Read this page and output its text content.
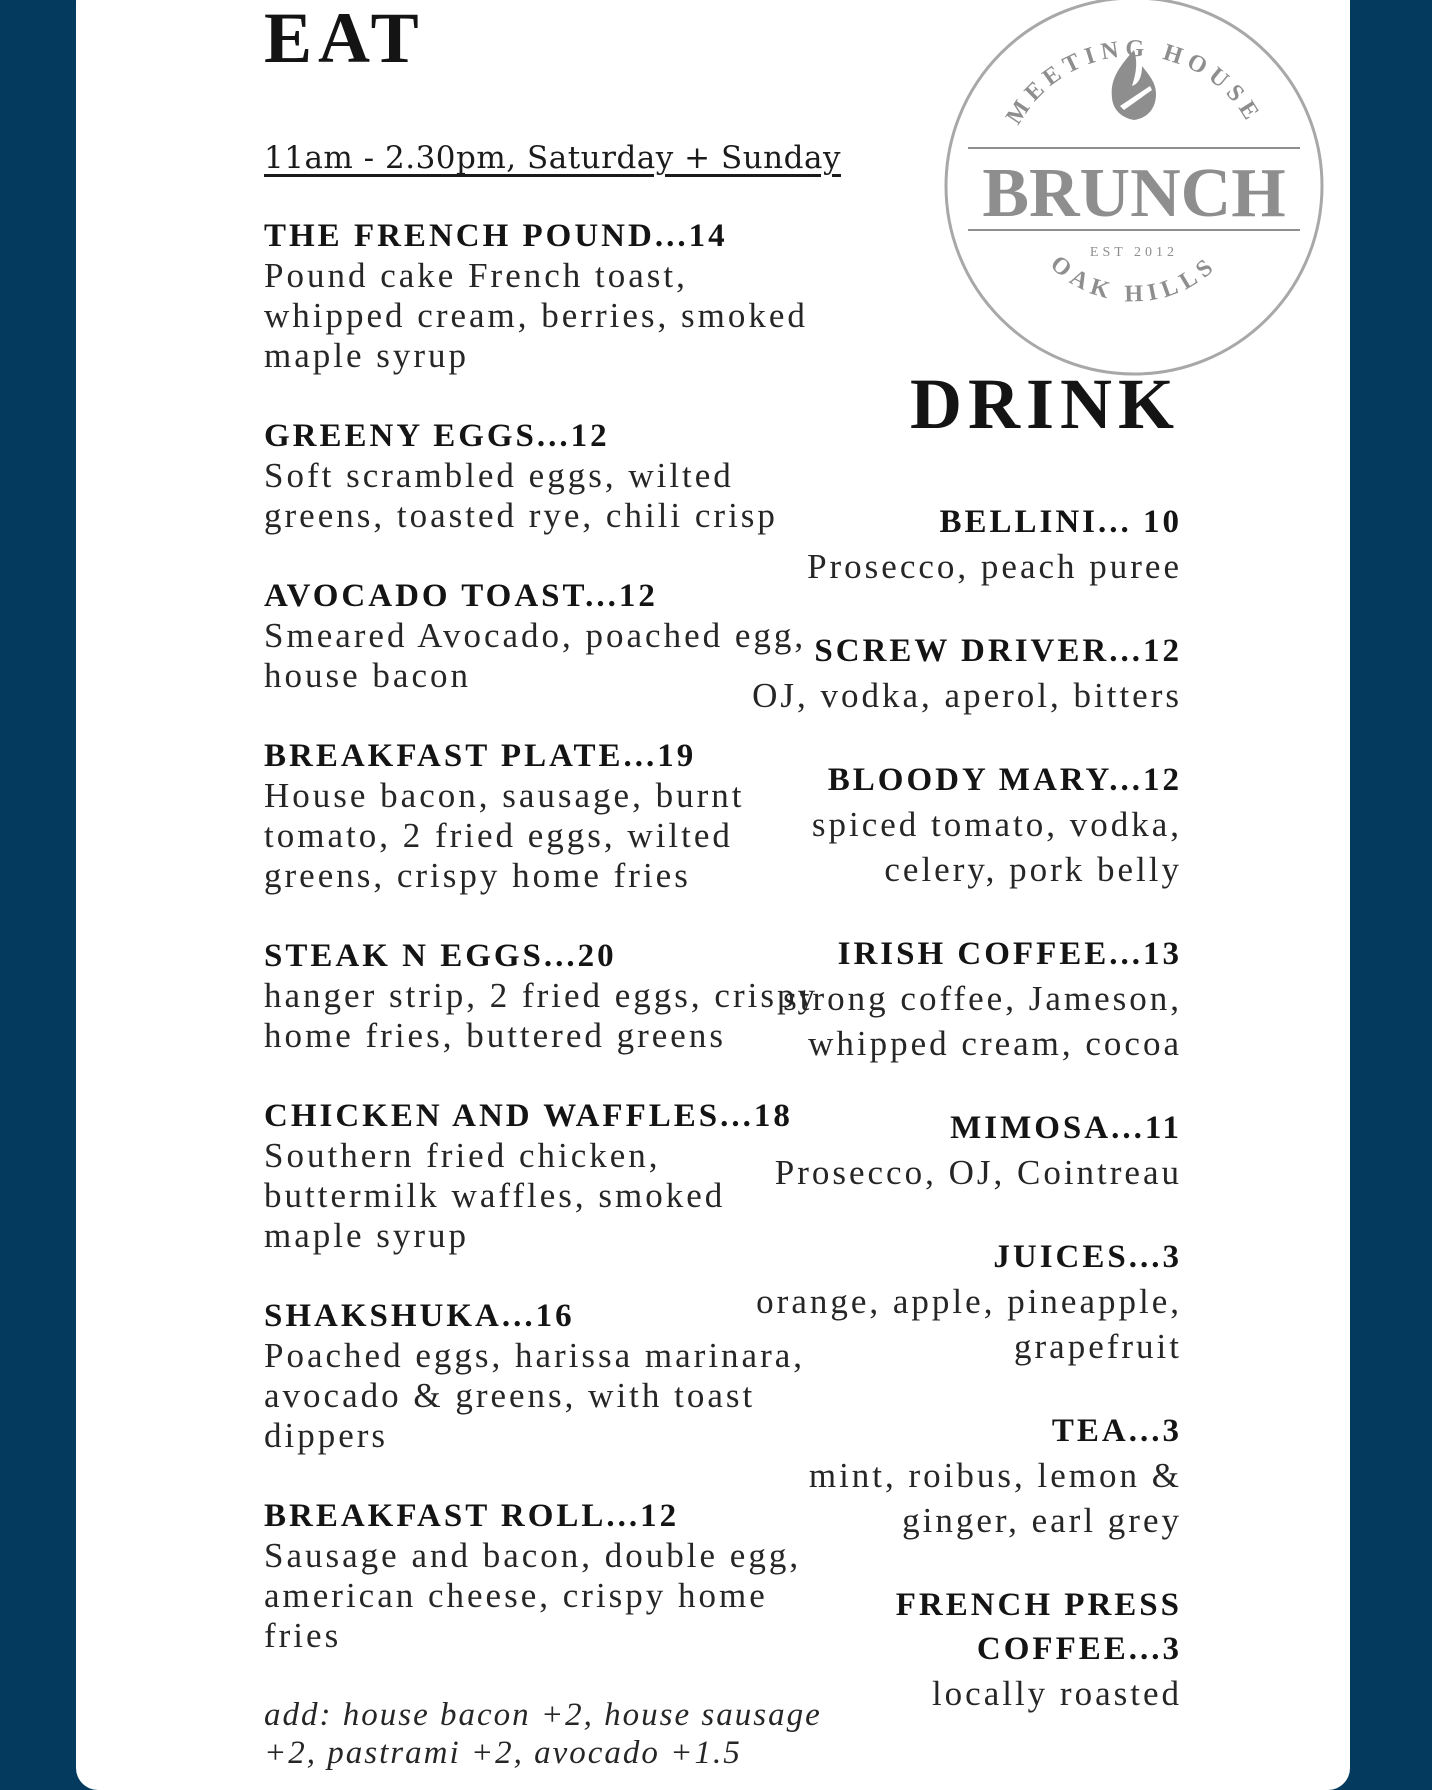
EAT

11am - 2.30pm, Saturday + Sunday

THE FRENCH POUND...14
Pound cake French toast,
whipped cream, berries, smoked
maple syrup
GREENY EGGS...12
Soft scrambled eggs, wilted
greens, toasted rye, chili crisp
AVOCADO TOAST...12
Smeared Avocado, poached egg,
house bacon
BREAKFAST PLATE...19
House bacon, sausage, burnt
tomato, 2 fried eggs, wilted
greens, crispy home fries
STEAK N EGGS...20
hanger strip, 2 fried eggs, crispy
home fries, buttered greens
CHICKEN AND WAFFLES...18
Southern fried chicken,
buttermilk waffles, smoked
maple syrup
SHAKSHUKA...16
Poached eggs, harissa marinara,
avocado & greens, with toast
dippers
BREAKFAST ROLL...12
Sausage and bacon, double egg,
american cheese, crispy home
fries
add: house bacon +2, house sausage
+2, pastrami +2, avocado +1.5
MEETING HOUSE
BRUNCH
EST 2012
OAK HILLS
DRINK
BELLINI... 10
Prosecco, peach puree
SCREW DRIVER...12
OJ, vodka, aperol, bitters
BLOODY MARY...12
spiced tomato, vodka,
celery, pork belly
IRISH COFFEE...13
strong coffee, Jameson,
whipped cream, cocoa
MIMOSA...11
Prosecco, OJ, Cointreau
JUICES...3
orange, apple, pineapple,
grapefruit
TEA...3
mint, roibus, lemon &
ginger, earl grey
FRENCH PRESS
COFFEE...3
locally roasted
